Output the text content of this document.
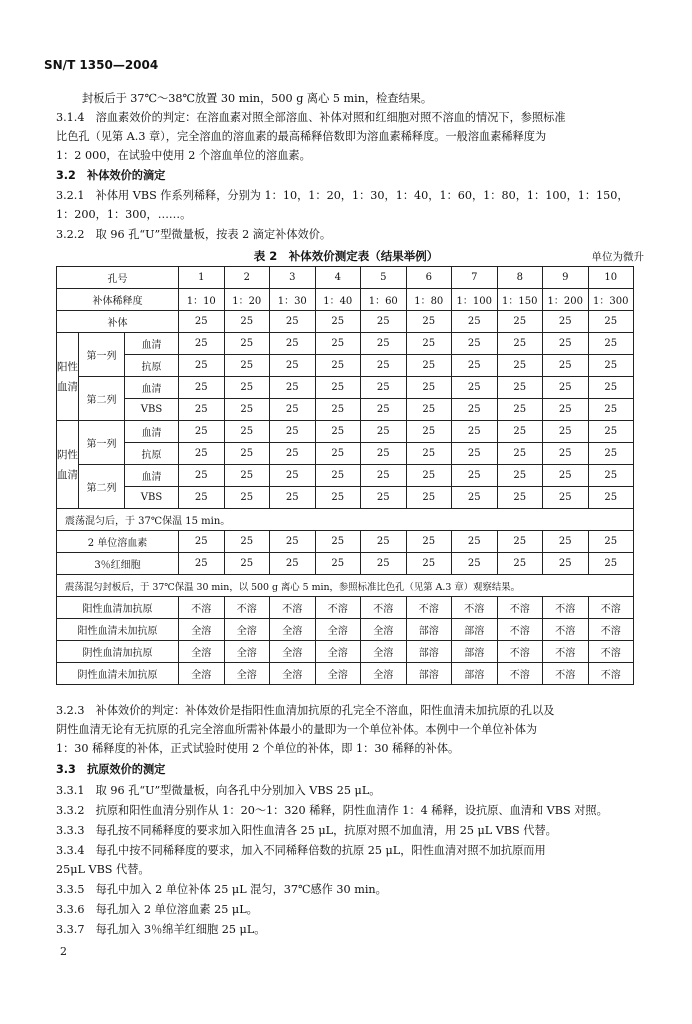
SN/T 1350—2004
封板后于 37℃～38℃放置 30 min，500 g 离心 5 min，检查结果。
3.1.4　溶血素效价的判定：在溶血素对照全部溶血、补体对照和红细胞对照不溶血的情况下，参照标准
比色孔（见第 A.3 章），完全溶血的溶血素的最高稀释倍数即为溶血素稀释度。一般溶血素稀释度为
1：2 000，在试验中使用 2 个溶血单位的溶血素。
3.2　补体效价的滴定
3.2.1　补体用 VBS 作系列稀释，分别为 1：10，1：20，1：30，1：40，1：60，1：80，1：100，1：150，
1：200，1：300，……。
3.2.2　取 96 孔“U”型微量板，按表 2 滴定补体效价。
表 2　补体效价测定表（结果举例）	单位为微升
孔号			1	2	3	4	5	6	7	8	9	10
补体稀释度			1：10	1：20	1：30	1：40	1：60	1：80	1：100	1：150	1：200	1：300
补体			25	25	25	25	25	25	25	25	25	25
阳性血清	第一列	血清	25	25	25	25	25	25	25	25	25	25
		抗原	25	25	25	25	25	25	25	25	25	25
	第二列	血清	25	25	25	25	25	25	25	25	25	25
		VBS	25	25	25	25	25	25	25	25	25	25
阴性血清	第一列	血清	25	25	25	25	25	25	25	25	25	25
		抗原	25	25	25	25	25	25	25	25	25	25
	第二列	血清	25	25	25	25	25	25	25	25	25	25
		VBS	25	25	25	25	25	25	25	25	25	25
震荡混匀后，于 37℃保温 15 min。												
2 单位溶血素			25	25	25	25	25	25	25	25	25	25
3％红细胞			25	25	25	25	25	25	25	25	25	25
震荡混匀封板后，于 37℃保温 30 min，以 500 g 离心 5 min，参照标准比色孔（见第 A.3 章）观察结果。												
阳性血清加抗原			不溶	不溶	不溶	不溶	不溶	不溶	不溶	不溶	不溶	不溶
阳性血清未加抗原			全溶	全溶	全溶	全溶	全溶	部溶	部溶	不溶	不溶	不溶
阴性血清加抗原			全溶	全溶	全溶	全溶	全溶	部溶	部溶	不溶	不溶	不溶
阴性血清未加抗原			全溶	全溶	全溶	全溶	全溶	部溶	部溶	不溶	不溶	不溶
3.2.3　补体效价的判定：补体效价是指阳性血清加抗原的孔完全不溶血，阳性血清未加抗原的孔以及
阴性血清无论有无抗原的孔完全溶血所需补体最小的量即为一个单位补体。本例中一个单位补体为
1：30 稀释度的补体，正式试验时使用 2 个单位的补体，即 1：30 稀释的补体。
3.3　抗原效价的测定
3.3.1　取 96 孔“U”型微量板，向各孔中分别加入 VBS 25 μL。
3.3.2　抗原和阳性血清分别作从 1：20～1：320 稀释，阴性血清作 1：4 稀释，设抗原、血清和 VBS 对照。
3.3.3　每孔按不同稀释度的要求加入阳性血清各 25 μL，抗原对照不加血清，用 25 μL VBS 代替。
3.3.4　每孔中按不同稀释度的要求，加入不同稀释倍数的抗原 25 μL，阳性血清对照不加抗原而用
25μL VBS 代替。
3.3.5　每孔中加入 2 单位补体 25 μL 混匀，37℃感作 30 min。
3.3.6　每孔加入 2 单位溶血素 25 μL。
3.3.7　每孔加入 3％绵羊红细胞 25 μL。
2
